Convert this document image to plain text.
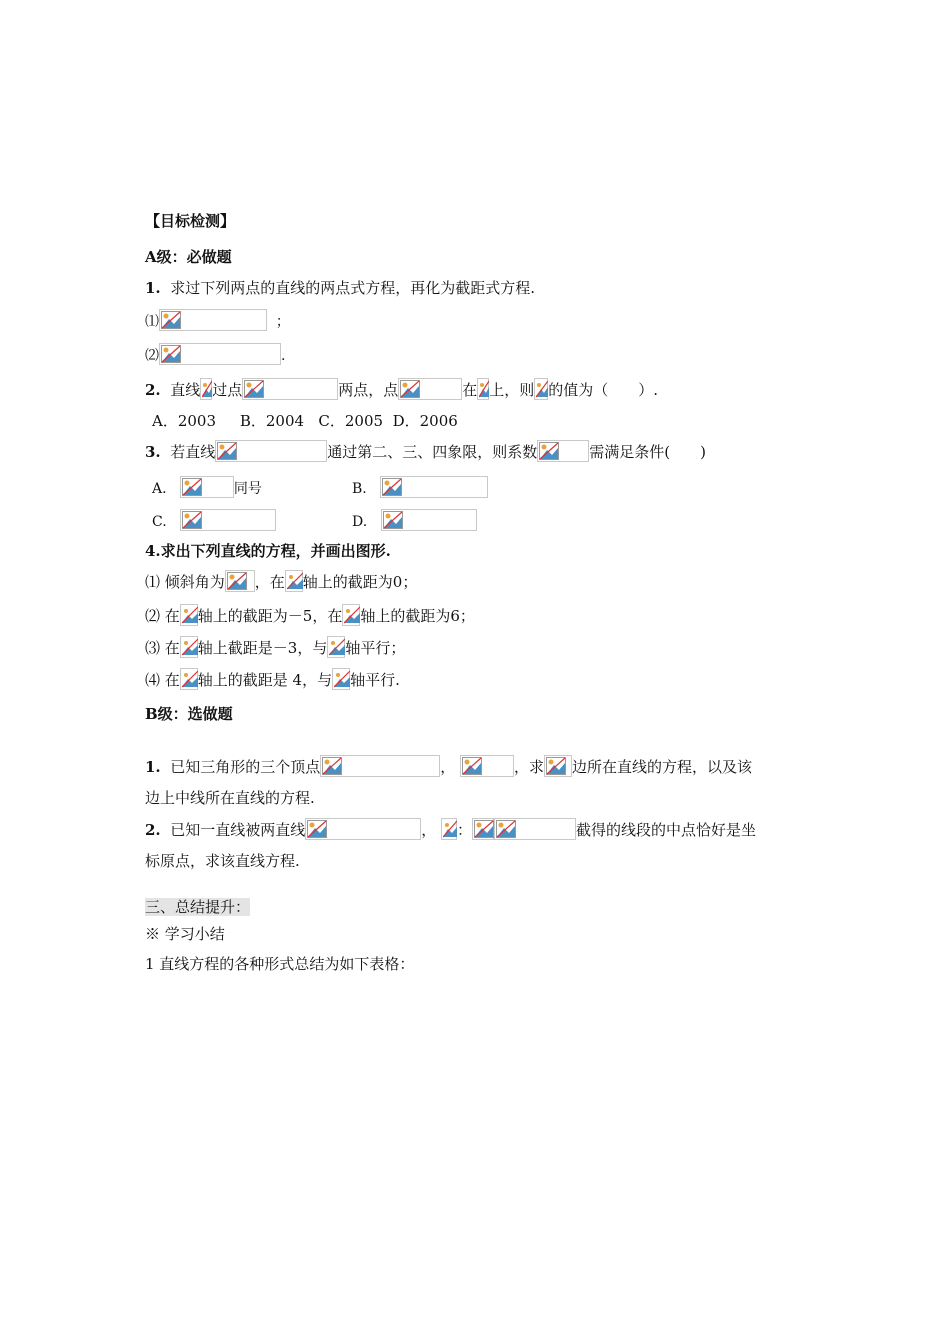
【目标检测】
A级：必做题
1. 求过下列两点的直线的两点式方程，再化为截距式方程.
⑴	；
⑵	.
2. 直线 过点	两点，点	在 上，则 的值为（　　）.
A．2003 B．2004 C．2005 D．2006
3. 若直线	通过第二、三、四象限，则系数	需满足条件(　　)
A.	同号	B.
C.	D.
4.求出下列直线的方程，并画出图形.
⑴ 倾斜角为 ，在 轴上的截距为0；
⑵ 在 轴上的截距为－5，在 轴上的截距为6；
⑶ 在 轴上截距是－3，与 轴平行；
⑷ 在 轴上的截距是 4，与 轴平行.
B级：选做题
1. 已知三角形的三个顶点	，	，求 边所在直线的方程，以及该
边上中线所在直线的方程.
2. 已知一直线被两直线	， ：	截得的线段的中点恰好是坐
标原点，求该直线方程.
三、总结提升：
※ 学习小结
1 直线方程的各种形式总结为如下表格：
